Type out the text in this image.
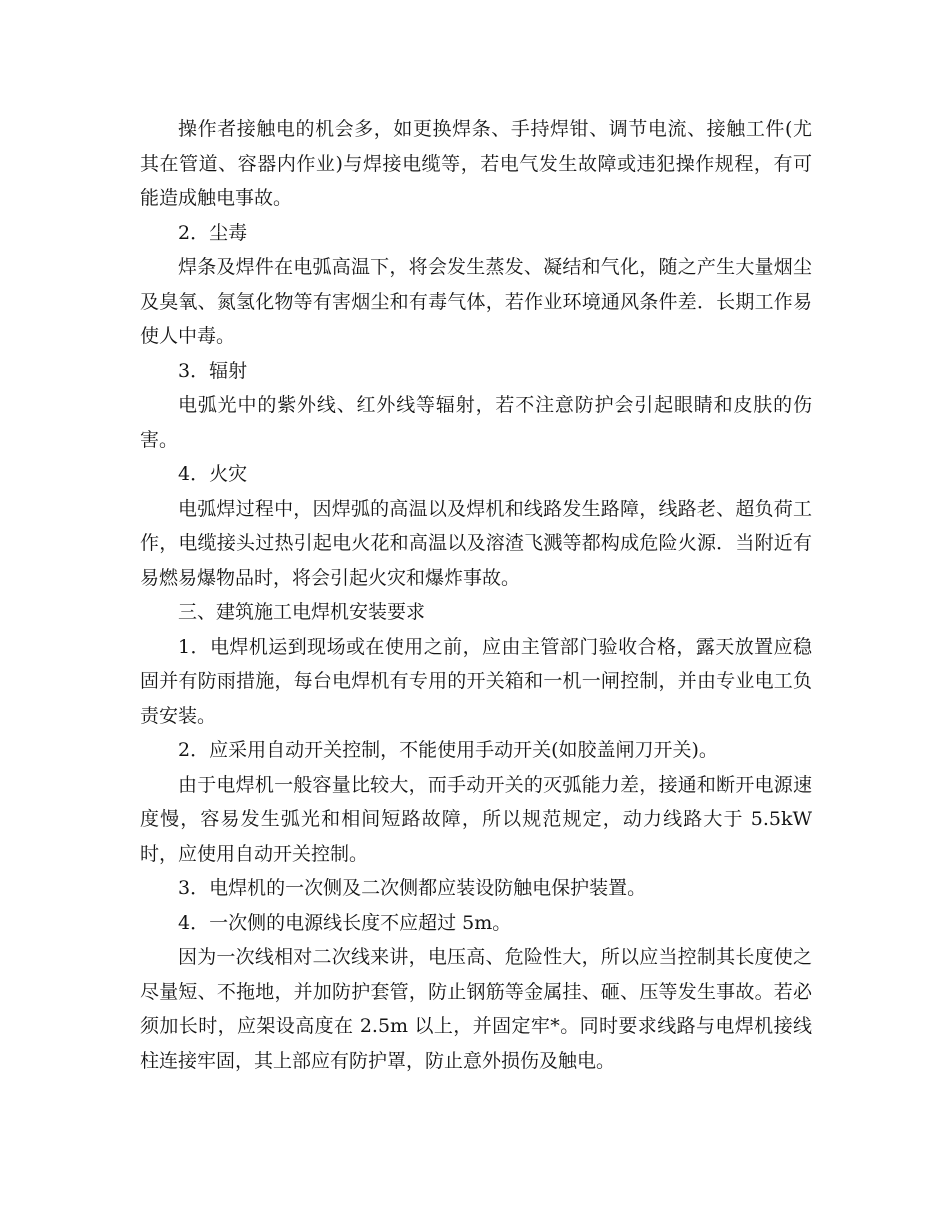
操作者接触电的机会多，如更换焊条、手持焊钳、调节电流、接触工件(尤其在管道、容器内作业)与焊接电缆等，若电气发生故障或违犯操作规程，有可能造成触电事故。

2．尘毒

焊条及焊件在电弧高温下，将会发生蒸发、凝结和气化，随之产生大量烟尘及臭氧、氮氢化物等有害烟尘和有毒气体，若作业环境通风条件差．长期工作易使人中毒。

3．辐射

电弧光中的紫外线、红外线等辐射，若不注意防护会引起眼睛和皮肤的伤害。

4．火灾

电弧焊过程中，因焊弧的高温以及焊机和线路发生路障，线路老、超负荷工作，电缆接头过热引起电火花和高温以及溶渣飞溅等都构成危险火源．当附近有易燃易爆物品时，将会引起火灾和爆炸事故。

三、建筑施工电焊机安装要求

1．电焊机运到现场或在使用之前，应由主管部门验收合格，露天放置应稳固并有防雨措施，每台电焊机有专用的开关箱和一机一闸控制，并由专业电工负责安装。

2．应采用自动开关控制，不能使用手动开关(如胶盖闸刀开关)。

由于电焊机一般容量比较大，而手动开关的灭弧能力差，接通和断开电源速度慢，容易发生弧光和相间短路故障，所以规范规定，动力线路大于 5.5kW 时，应使用自动开关控制。

3．电焊机的一次侧及二次侧都应装设防触电保护装置。

4．一次侧的电源线长度不应超过 5m。

因为一次线相对二次线来讲，电压高、危险性大，所以应当控制其长度使之尽量短、不拖地，并加防护套管，防止钢筋等金属挂、砸、压等发生事故。若必须加长时，应架设高度在 2.5m 以上，并固定牢*。同时要求线路与电焊机接线柱连接牢固，其上部应有防护罩，防止意外损伤及触电。
